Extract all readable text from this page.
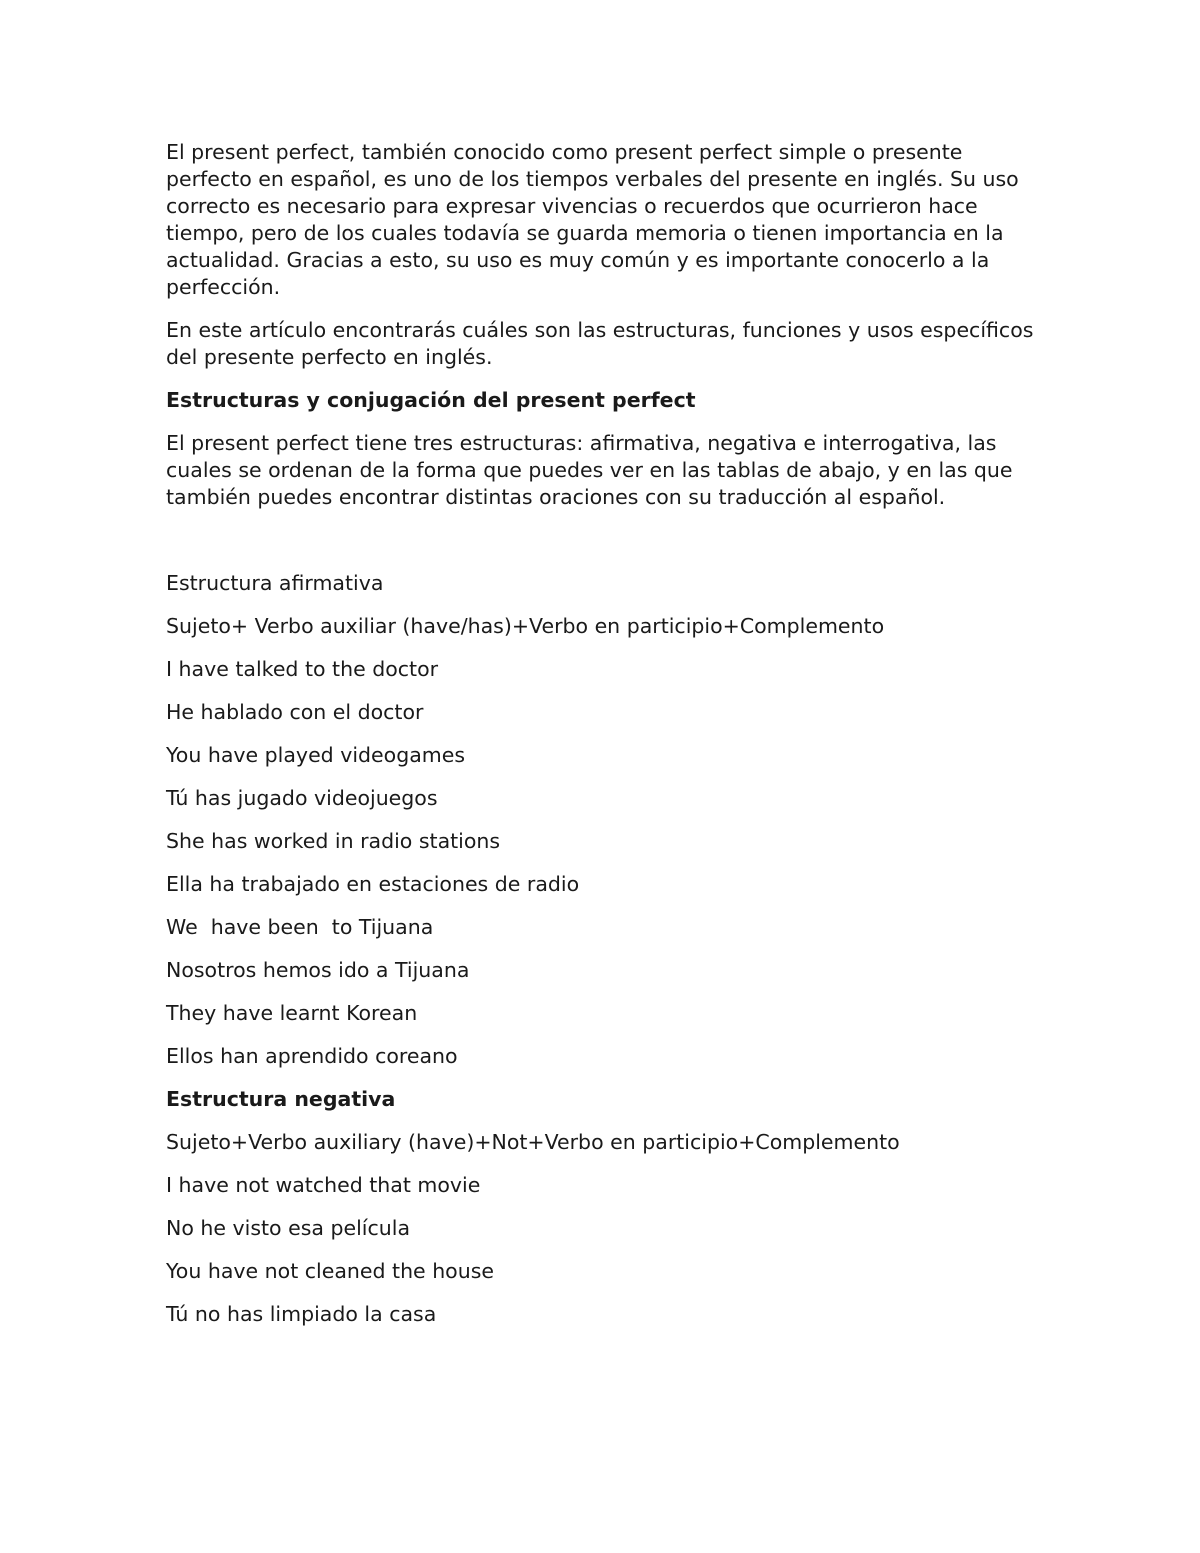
El present perfect, también conocido como present perfect simple o presente perfecto en español, es uno de los tiempos verbales del presente en inglés. Su uso correcto es necesario para expresar vivencias o recuerdos que ocurrieron hace tiempo, pero de los cuales todavía se guarda memoria o tienen importancia en la actualidad. Gracias a esto, su uso es muy común y es importante conocerlo a la perfección.

En este artículo encontrarás cuáles son las estructuras, funciones y usos específicos del presente perfecto en inglés.

Estructuras y conjugación del present perfect

El present perfect tiene tres estructuras: afirmativa, negativa e interrogativa, las cuales se ordenan de la forma que puedes ver en las tablas de abajo, y en las que también puedes encontrar distintas oraciones con su traducción al español.

Estructura afirmativa

Sujeto+ Verbo auxiliar (have/has)+Verbo en participio+Complemento

I have talked to the doctor

He hablado con el doctor

You have played videogames

Tú has jugado videojuegos

She has worked in radio stations

Ella ha trabajado en estaciones de radio

We  have been  to Tijuana

Nosotros hemos ido a Tijuana

They have learnt Korean

Ellos han aprendido coreano

Estructura negativa

Sujeto+Verbo auxiliary (have)+Not+Verbo en participio+Complemento

I have not watched that movie

No he visto esa película

You have not cleaned the house

Tú no has limpiado la casa
